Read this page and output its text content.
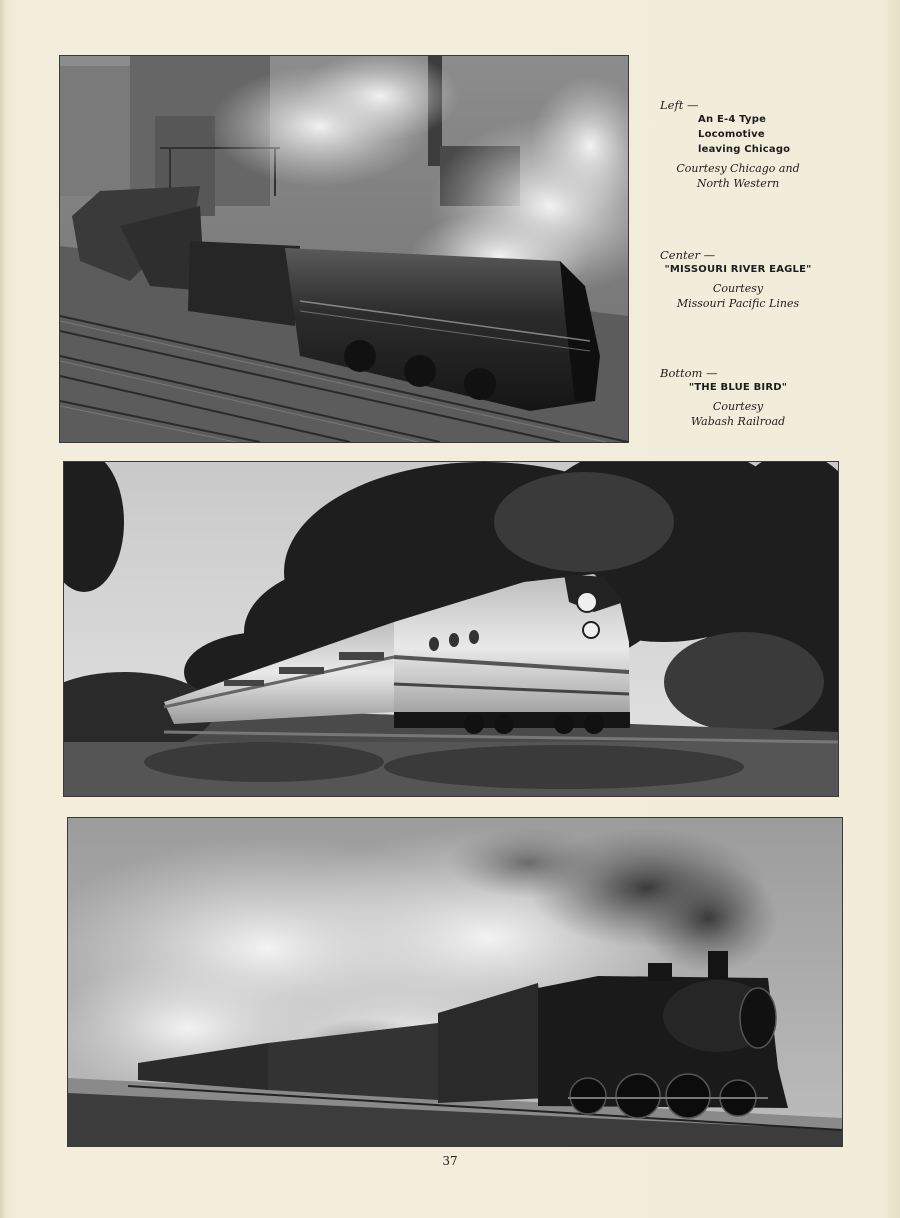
Left —
An E-4 Type
Locomotive
leaving Chicago
Courtesy Chicago and
North Western
Center —
"MISSOURI RIVER EAGLE"
Courtesy
Missouri Pacific Lines
Bottom —
"THE BLUE BIRD"
Courtesy
Wabash Railroad
37
